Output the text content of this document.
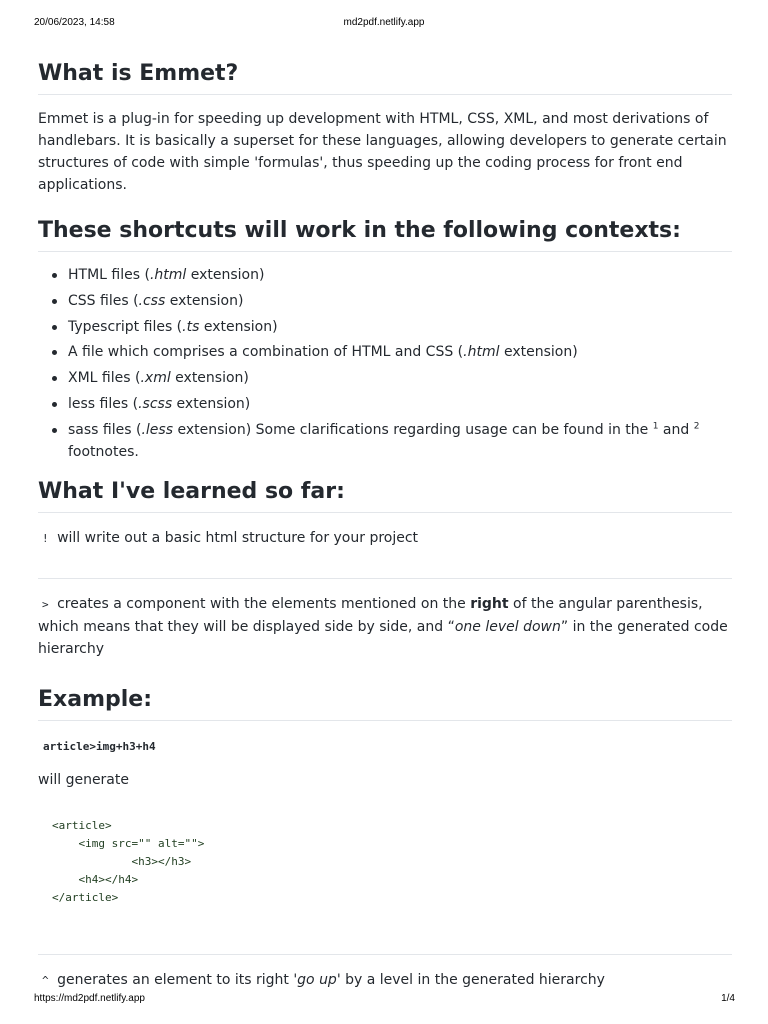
20/06/2023, 14:58	md2pdf.netlify.app
What is Emmet?

Emmet is a plug-in for speeding up development with HTML, CSS, XML, and most derivations of handlebars. It is basically a superset for these languages, allowing developers to generate certain structures of code with simple 'formulas', thus speeding up the coding process for front end applications.

These shortcuts will work in the following contexts:
HTML files (.html extension)
CSS files (.css extension)
Typescript files (.ts extension)
A file which comprises a combination of HTML and CSS (.html extension)
XML files (.xml extension)
less files (.scss extension)
sass files (.less extension) Some clarifications regarding usage can be found in the $^1$ and $^2$ footnotes.
What I've learned so far:

! will write out a basic html structure for your project

> creates a component with the elements mentioned on the right of the angular parenthesis, which means that they will be displayed side by side, and “one level down” in the generated code hierarchy

Example:
article>img+h3+h4

will generate

<article>
<img src="" alt="">
<h3></h3>
<h4></h4>
</article>

^ generates an element to its right 'go up' by a level in the generated hierarchy

https://md2pdf.netlify.app	1/4
